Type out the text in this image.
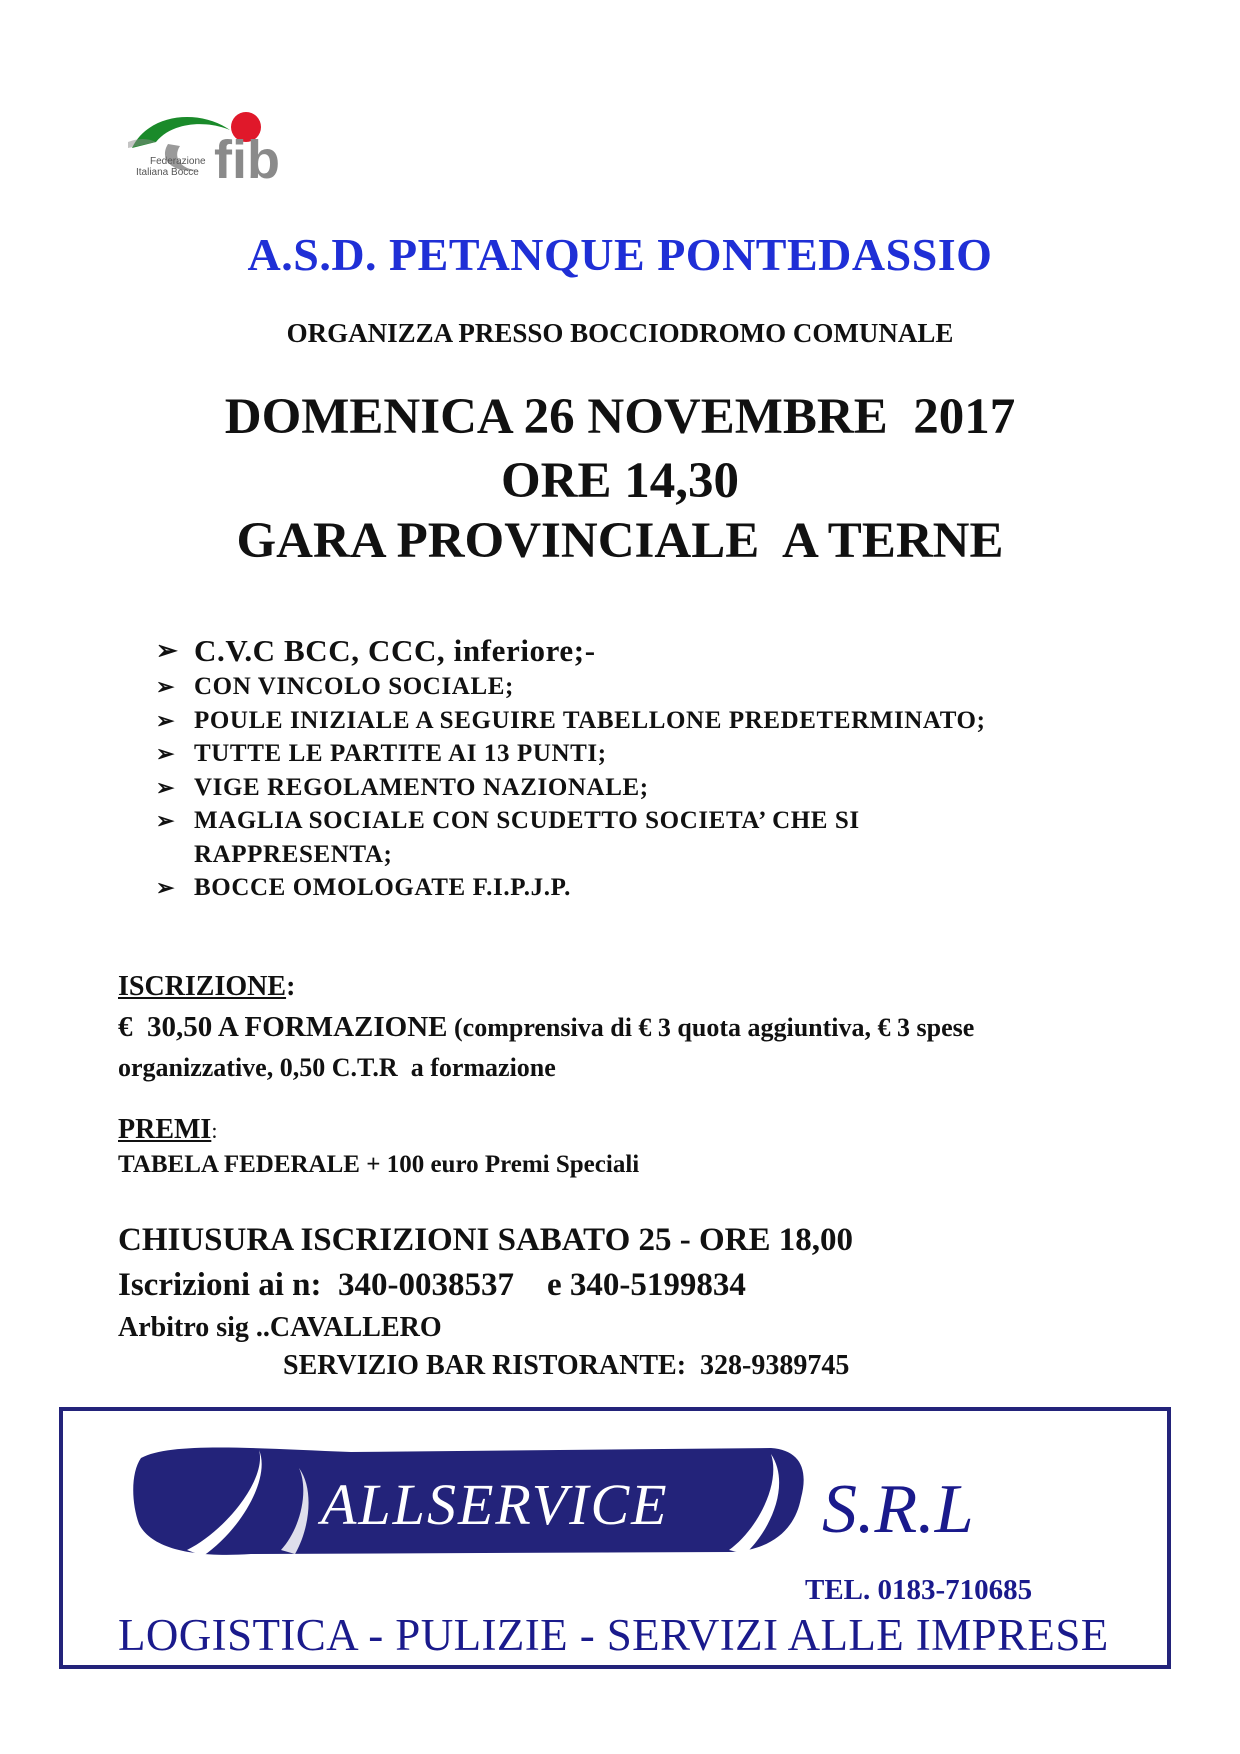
fib
Federazione
Italiana Bocce
A.S.D. PETANQUE PONTEDASSIO
ORGANIZZA PRESSO BOCCIODROMO COMUNALE
DOMENICA 26 NOVEMBRE  2017
ORE 14,30
GARA PROVINCIALE  A TERNE
➢ C.V.C BCC, CCC, inferiore;-
➢ CON VINCOLO SOCIALE;
➢ POULE INIZIALE A SEGUIRE TABELLONE PREDETERMINATO;
➢ TUTTE LE PARTITE AI 13 PUNTI;
➢ VIGE REGOLAMENTO NAZIONALE;
➢ MAGLIA SOCIALE CON SCUDETTO SOCIETA’ CHE SI RAPPRESENTA;
➢ BOCCE OMOLOGATE F.I.P.J.P.
ISCRIZIONE:
€  30,50 A FORMAZIONE (comprensiva di € 3 quota aggiuntiva, € 3 spese
organizzative, 0,50 C.T.R  a formazione
PREMI:
TABELA FEDERALE + 100 euro Premi Speciali
CHIUSURA ISCRIZIONI SABATO 25 - ORE 18,00
Iscrizioni ai n:  340-0038537    e 340-5199834
Arbitro sig ..CAVALLERO
SERVIZIO BAR RISTORANTE:  328-9389745
ALLSERVICE S.R.L
TEL. 0183-710685
LOGISTICA - PULIZIE - SERVIZI ALLE IMPRESE
